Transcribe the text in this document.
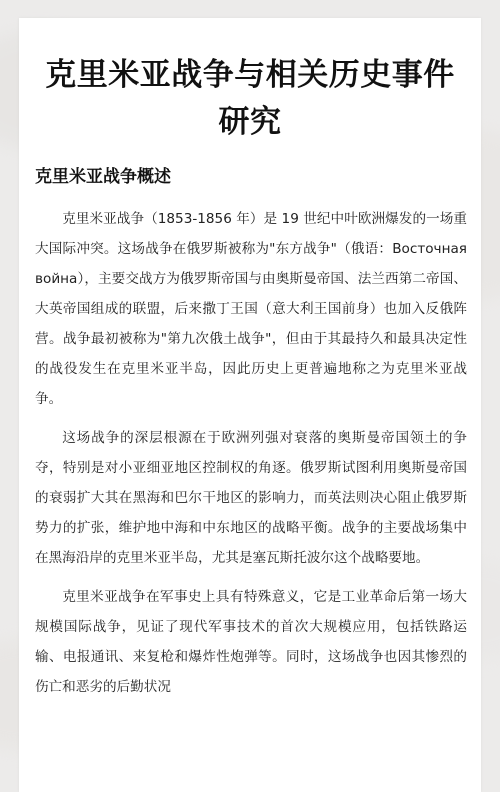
克里米亚战争与相关历史事件研究
克里米亚战争概述

克里米亚战争（1853-1856 年）是 19 世纪中叶欧洲爆发的一场重大国际冲突。这场战争在俄罗斯被称为"东方战争"（俄语：Восточная война），主要交战方为俄罗斯帝国与由奥斯曼帝国、法兰西第二帝国、大英帝国组成的联盟，后来撒丁王国（意大利王国前身）也加入反俄阵营。战争最初被称为"第九次俄土战争"，但由于其最持久和最具决定性的战役发生在克里米亚半岛，因此历史上更普遍地称之为克里米亚战争。

这场战争的深层根源在于欧洲列强对衰落的奥斯曼帝国领土的争夺，特别是对小亚细亚地区控制权的角逐。俄罗斯试图利用奥斯曼帝国的衰弱扩大其在黑海和巴尔干地区的影响力，而英法则决心阻止俄罗斯势力的扩张，维护地中海和中东地区的战略平衡。战争的主要战场集中在黑海沿岸的克里米亚半岛，尤其是塞瓦斯托波尔这个战略要地。

克里米亚战争在军事史上具有特殊意义，它是工业革命后第一场大规模国际战争，见证了现代军事技术的首次大规模应用，包括铁路运输、电报通讯、来复枪和爆炸性炮弹等。同时，这场战争也因其惨烈的伤亡和恶劣的后勤状况
